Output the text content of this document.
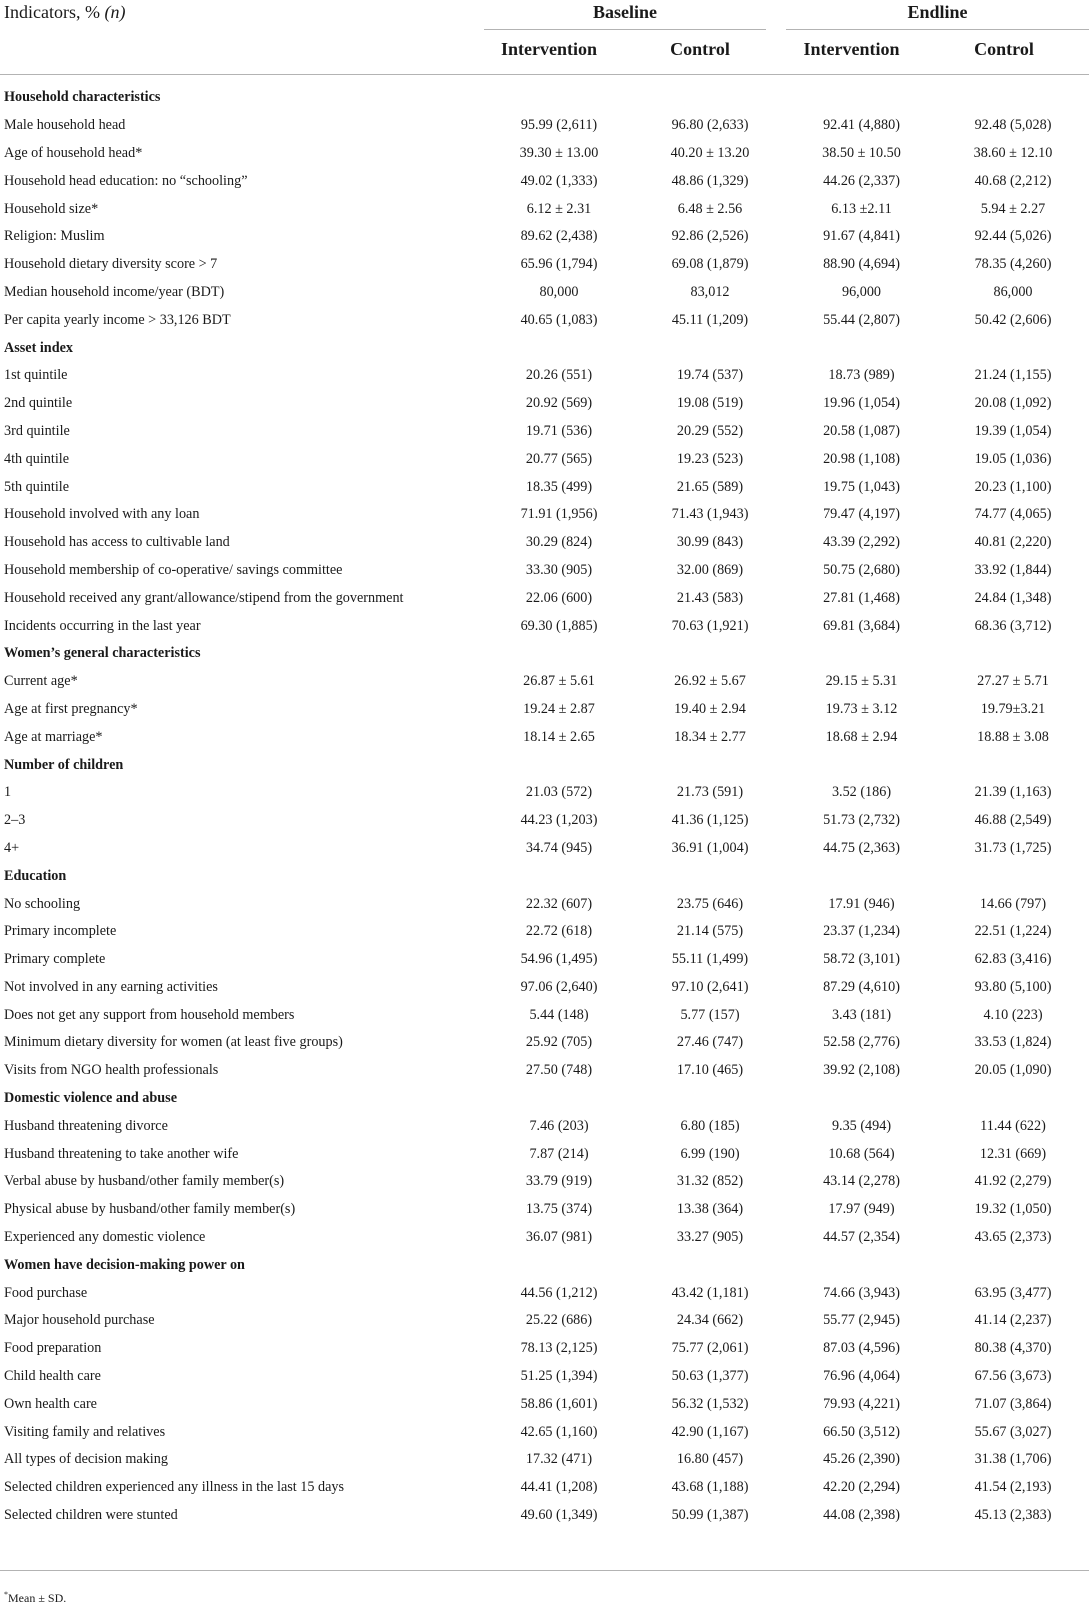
Indicators, % (n)	Baseline	Endline
Intervention	Control	Intervention	Control
Household characteristics				
Male household head	95.99 (2,611)	96.80 (2,633)	92.41 (4,880)	92.48 (5,028)
Age of household head*	39.30 ± 13.00	40.20 ± 13.20	38.50 ± 10.50	38.60 ± 12.10
Household head education: no “schooling”	49.02 (1,333)	48.86 (1,329)	44.26 (2,337)	40.68 (2,212)
Household size*	6.12 ± 2.31	6.48 ± 2.56	6.13 ±2.11	5.94 ± 2.27
Religion: Muslim	89.62 (2,438)	92.86 (2,526)	91.67 (4,841)	92.44 (5,026)
Household dietary diversity score > 7	65.96 (1,794)	69.08 (1,879)	88.90 (4,694)	78.35 (4,260)
Median household income/year (BDT)	80,000	83,012	96,000	86,000
Per capita yearly income > 33,126 BDT	40.65 (1,083)	45.11 (1,209)	55.44 (2,807)	50.42 (2,606)
Asset index				
1st quintile	20.26 (551)	19.74 (537)	18.73 (989)	21.24 (1,155)
2nd quintile	20.92 (569)	19.08 (519)	19.96 (1,054)	20.08 (1,092)
3rd quintile	19.71 (536)	20.29 (552)	20.58 (1,087)	19.39 (1,054)
4th quintile	20.77 (565)	19.23 (523)	20.98 (1,108)	19.05 (1,036)
5th quintile	18.35 (499)	21.65 (589)	19.75 (1,043)	20.23 (1,100)
Household involved with any loan	71.91 (1,956)	71.43 (1,943)	79.47 (4,197)	74.77 (4,065)
Household has access to cultivable land	30.29 (824)	30.99 (843)	43.39 (2,292)	40.81 (2,220)
Household membership of co-operative/ savings committee	33.30 (905)	32.00 (869)	50.75 (2,680)	33.92 (1,844)
Household received any grant/allowance/stipend from the government	22.06 (600)	21.43 (583)	27.81 (1,468)	24.84 (1,348)
Incidents occurring in the last year	69.30 (1,885)	70.63 (1,921)	69.81 (3,684)	68.36 (3,712)
Women’s general characteristics				
Current age*	26.87 ± 5.61	26.92 ± 5.67	29.15 ± 5.31	27.27 ± 5.71
Age at first pregnancy*	19.24 ± 2.87	19.40 ± 2.94	19.73 ± 3.12	19.79±3.21
Age at marriage*	18.14 ± 2.65	18.34 ± 2.77	18.68 ± 2.94	18.88 ± 3.08
Number of children				
1	21.03 (572)	21.73 (591)	3.52 (186)	21.39 (1,163)
2–3	44.23 (1,203)	41.36 (1,125)	51.73 (2,732)	46.88 (2,549)
4+	34.74 (945)	36.91 (1,004)	44.75 (2,363)	31.73 (1,725)
Education				
No schooling	22.32 (607)	23.75 (646)	17.91 (946)	14.66 (797)
Primary incomplete	22.72 (618)	21.14 (575)	23.37 (1,234)	22.51 (1,224)
Primary complete	54.96 (1,495)	55.11 (1,499)	58.72 (3,101)	62.83 (3,416)
Not involved in any earning activities	97.06 (2,640)	97.10 (2,641)	87.29 (4,610)	93.80 (5,100)
Does not get any support from household members	5.44 (148)	5.77 (157)	3.43 (181)	4.10 (223)
Minimum dietary diversity for women (at least five groups)	25.92 (705)	27.46 (747)	52.58 (2,776)	33.53 (1,824)
Visits from NGO health professionals	27.50 (748)	17.10 (465)	39.92 (2,108)	20.05 (1,090)
Domestic violence and abuse				
Husband threatening divorce	7.46 (203)	6.80 (185)	9.35 (494)	11.44 (622)
Husband threatening to take another wife	7.87 (214)	6.99 (190)	10.68 (564)	12.31 (669)
Verbal abuse by husband/other family member(s)	33.79 (919)	31.32 (852)	43.14 (2,278)	41.92 (2,279)
Physical abuse by husband/other family member(s)	13.75 (374)	13.38 (364)	17.97 (949)	19.32 (1,050)
Experienced any domestic violence	36.07 (981)	33.27 (905)	44.57 (2,354)	43.65 (2,373)
Women have decision-making power on				
Food purchase	44.56 (1,212)	43.42 (1,181)	74.66 (3,943)	63.95 (3,477)
Major household purchase	25.22 (686)	24.34 (662)	55.77 (2,945)	41.14 (2,237)
Food preparation	78.13 (2,125)	75.77 (2,061)	87.03 (4,596)	80.38 (4,370)
Child health care	51.25 (1,394)	50.63 (1,377)	76.96 (4,064)	67.56 (3,673)
Own health care	58.86 (1,601)	56.32 (1,532)	79.93 (4,221)	71.07 (3,864)
Visiting family and relatives	42.65 (1,160)	42.90 (1,167)	66.50 (3,512)	55.67 (3,027)
All types of decision making	17.32 (471)	16.80 (457)	45.26 (2,390)	31.38 (1,706)
Selected children experienced any illness in the last 15 days	44.41 (1,208)	43.68 (1,188)	42.20 (2,294)	41.54 (2,193)
Selected children were stunted	49.60 (1,349)	50.99 (1,387)	44.08 (2,398)	45.13 (2,383)
*Mean ± SD.
